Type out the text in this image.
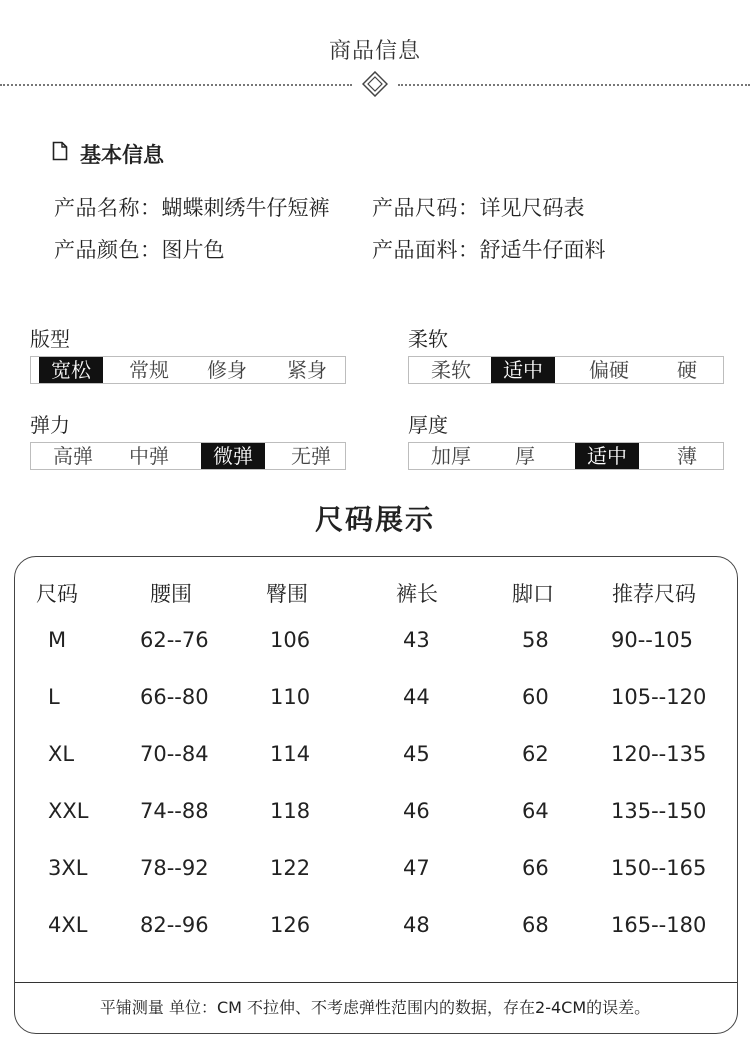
商品信息
基本信息
产品名称：蝴蝶刺绣牛仔短裤 产品尺码：详见尺码表
产品颜色：图片色	产品面料：舒适牛仔面料
版型
宽松	常规	修身	紧身
柔软
柔软	适中	偏硬	硬
弹力
高弹	中弹	微弹	无弹
厚度
加厚	厚	适中	薄
尺码展示
尺码	腰围	臀围	裤长	脚口	推荐尺码
M	62--76	106	43	58	90--105
L	66--80	110	44	60	105--120
XL	70--84	114	45	62	120--135
XXL 74--88	118	46	64	135--150
3XL	78--92	122	47	66	150--165
4XL	82--96	126	48	68	165--180
平铺测量 单位：CM 不拉伸、不考虑弹性范围内的数据，存在2-4CM的误差。
